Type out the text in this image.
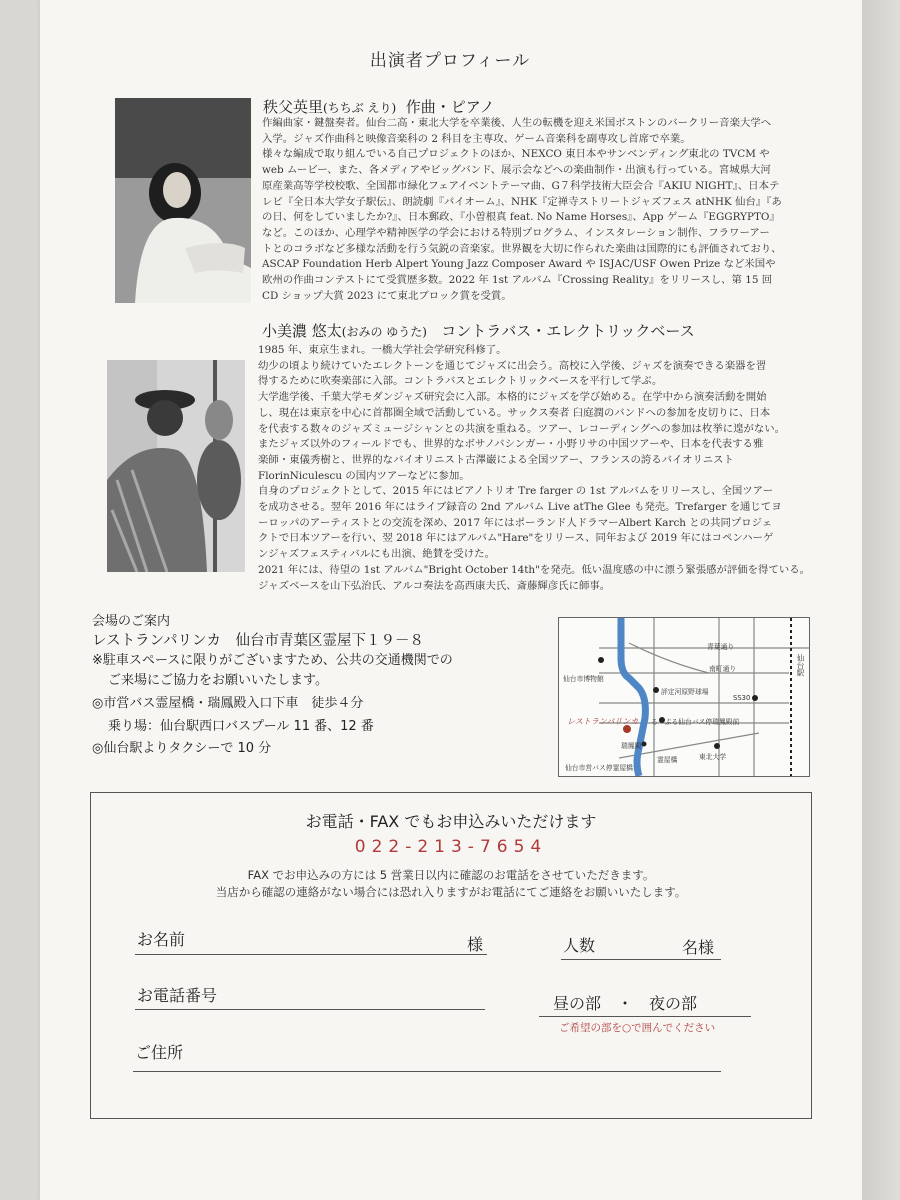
出演者プロフィール
秩父英里(ちちぶ えり) 作曲・ピアノ

作編曲家・鍵盤奏者。仙台二高・東北大学を卒業後、人生の転機を迎え米国ボストンのバークリー音楽大学へ

入学。ジャズ作曲科と映像音楽科の 2 科目を主専攻、ゲーム音楽科を副専攻し首席で卒業。

様々な編成で取り組んでいる自己プロジェクトのほか、NEXCO 東日本やサンベンディング東北の TVCM や

web ムービー、また、各メディアやビッグバンド、展示会などへの楽曲制作・出演も行っている。宮城県大河

原産業高等学校校歌、全国都市緑化フェアイベントテーマ曲、G７科学技術大臣会合『AKIU NIGHT』、日本テ

レビ『全日本大学女子駅伝』、朗読劇『パイオーム』、NHK『定禅寺ストリートジャズフェス atNHK 仙台』『あ

の日、何をしていましたか?』、日本郵政、『小曽根真 feat. No Name Horses』、App ゲーム『EGGRYPTO』

など。このほか、心理学や精神医学の学会における特別プログラム、インスタレーション制作、フラワーアー

トとのコラボなど多様な活動を行う気鋭の音楽家。世界観を大切に作られた楽曲は国際的にも評価されており、

ASCAP Foundation Herb Alpert Young Jazz Composer Award や ISJAC/USF Owen Prize など米国や

欧州の作曲コンテストにて受賞歴多数。2022 年 1st アルバム『Crossing Reality』をリリースし、第 15 回

CD ショップ大賞 2023 にて東北ブロック賞を受賞。

小美濃 悠太(おみの ゆうた) コントラバス・エレクトリックベース

1985 年、東京生まれ。一橋大学社会学研究科修了。

幼少の頃より続けていたエレクトーンを通じてジャズに出会う。高校に入学後、ジャズを演奏できる楽器を習

得するために吹奏楽部に入部。コントラバスとエレクトリックベースを平行して学ぶ。

大学進学後、千葉大学モダンジャズ研究会に入部。本格的にジャズを学び始める。在学中から演奏活動を開始

し、現在は東京を中心に首都圏全域で活動している。サックス奏者 臼庭潤のバンドへの参加を皮切りに、日本

を代表する数々のジャズミュージシャンとの共演を重ねる。ツアー、レコーディングへの参加は枚挙に遑がない。

またジャズ以外のフィールドでも、世界的なボサノバシンガー・小野リサの中国ツアーや、日本を代表する雅

楽師・東儀秀樹と、世界的なバイオリニスト古澤巌による全国ツアー、フランスの誇るバイオリニスト

FlorinNiculescu の国内ツアーなどに参加。

自身のプロジェクトとして、2015 年にはピアノトリオ Tre farger の 1st アルバムをリリースし、全国ツアー

を成功させる。翌年 2016 年にはライブ録音の 2nd アルバム Live atThe Glee も発売。Trefarger を通じてヨ

ーロッパのアーティストとの交流を深め、2017 年にはポーランド人ドラマーAlbert Karch との共同プロジェ

クトで日本ツアーを行い、翌 2018 年にはアルバム"Hare"をリリース、同年および 2019 年にはコペンハーゲ

ンジャズフェスティバルにも出演、絶賛を受けた。

2021 年には、待望の 1st アルバム"Bright October 14th"を発売。低い温度感の中に漂う緊張感が評価を得ている。

ジャズベースを山下弘治氏、アルコ奏法を高西康夫氏、斎藤輝彦氏に師事。

会場のご案内

レストランパリンカ　仙台市青葉区霊屋下１９－８

※駐車スペースに限りがございますため、公共の交通機関での

ご来場にご協力をお願いいたします。

◎市営バス霊屋橋・瑞鳳殿入口下車　徒歩４分

乗り場：仙台駅西口バスプール 11 番、12 番

◎仙台駅よりタクシーで 10 分

青葉通り
南町通り	仙台駅
仙台市博物館
評定河原野球場
SS30
レストランパリンカ る－ぷる仙台バス停瑞鳳殿前
瑞鳳殿
霊屋橋	東北大学
仙台市営バス停霊屋橋
お電話・FAX でもお申込みいただけます
022-213-7654
FAX でお申込みの方には 5 営業日以内に確認のお電話をさせていただきます。
当店から確認の連絡がない場合には恐れ入りますがお電話にてご連絡をお願いいたします。
お名前	様	人数	名様
お電話番号	昼の部　・　夜の部
ご希望の部を○で囲んでください
ご住所
